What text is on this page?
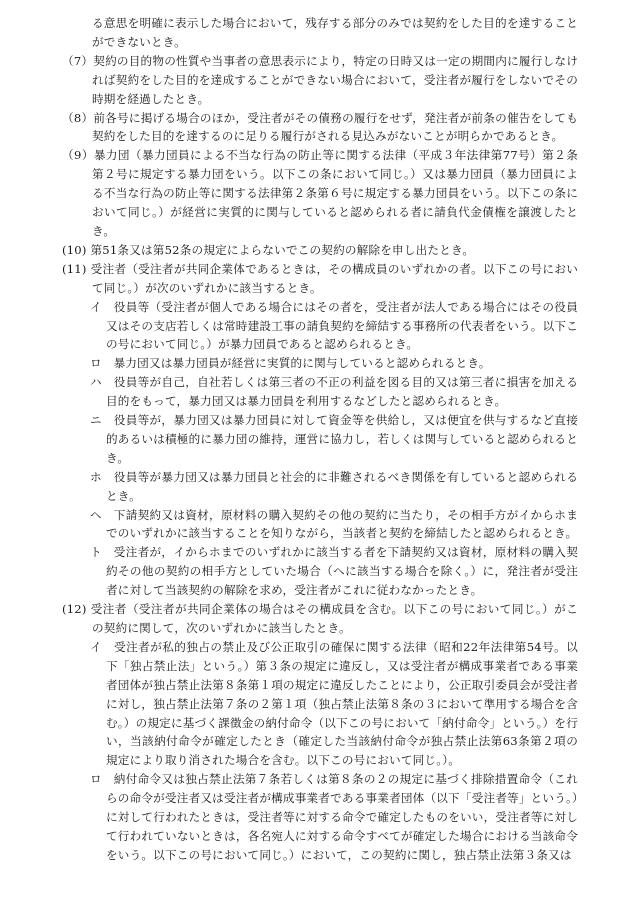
る意思を明確に表示した場合において，残存する部分のみでは契約をした目的を達することができないとき。

（7）契約の目的物の性質や当事者の意思表示により，特定の日時又は一定の期間内に履行しなければ契約をした目的を達成することができない場合において，受注者が履行をしないでその時期を経過したとき。

（8）前各号に掲げる場合のほか，受注者がその債務の履行をせず，発注者が前条の催告をしても契約をした目的を達するのに足りる履行がされる見込みがないことが明らかであるとき。

（9）暴力団（暴力団員による不当な行為の防止等に関する法律（平成３年法律第77号）第２条第２号に規定する暴力団をいう。以下この条において同じ。）又は暴力団員（暴力団員による不当な行為の防止等に関する法律第２条第６号に規定する暴力団員をいう。以下この条において同じ。）が経営に実質的に関与していると認められる者に請負代金債権を譲渡したとき。

(10) 第51条又は第52条の規定によらないでこの契約の解除を申し出たとき。

(11) 受注者（受注者が共同企業体であるときは，その構成員のいずれかの者。以下この号において同じ。）が次のいずれかに該当するとき。

イ　役員等（受注者が個人である場合にはその者を，受注者が法人である場合にはその役員又はその支店若しくは常時建設工事の請負契約を締結する事務所の代表者をいう。以下この号において同じ。）が暴力団員であると認められるとき。

ロ　暴力団又は暴力団員が経営に実質的に関与していると認められるとき。

ハ　役員等が自己，自社若しくは第三者の不正の利益を図る目的又は第三者に損害を加える目的をもって，暴力団又は暴力団員を利用するなどしたと認められるとき。

ニ　役員等が，暴力団又は暴力団員に対して資金等を供給し，又は便宜を供与するなど直接的あるいは積極的に暴力団の維持，運営に協力し，若しくは関与していると認められるとき。

ホ　役員等が暴力団又は暴力団員と社会的に非難されるべき関係を有していると認められるとき。

ヘ　下請契約又は資材，原材料の購入契約その他の契約に当たり，その相手方がイからホまでのいずれかに該当することを知りながら，当該者と契約を締結したと認められるとき。

ト　受注者が，イからホまでのいずれかに該当する者を下請契約又は資材，原材料の購入契約その他の契約の相手方としていた場合（へに該当する場合を除く。）に，発注者が受注者に対して当該契約の解除を求め，受注者がこれに従わなかったとき。

(12) 受注者（受注者が共同企業体の場合はその構成員を含む。以下この号において同じ。）がこの契約に関して，次のいずれかに該当したとき。

イ　受注者が私的独占の禁止及び公正取引の確保に関する法律（昭和22年法律第54号。以下「独占禁止法」という。）第３条の規定に違反し，又は受注者が構成事業者である事業者団体が独占禁止法第８条第１項の規定に違反したことにより，公正取引委員会が受注者に対し，独占禁止法第７条の２第１項（独占禁止法第８条の３において準用する場合を含む。）の規定に基づく課徴金の納付命令（以下この号において「納付命令」という。）を行い，当該納付命令が確定したとき（確定した当該納付命令が独占禁止法第63条第２項の規定により取り消された場合を含む。以下この号において同じ。）。

ロ　納付命令又は独占禁止法第７条若しくは第８条の２の規定に基づく排除措置命令（これらの命令が受注者又は受注者が構成事業者である事業者団体（以下「受注者等」という。）に対して行われたときは，受注者等に対する命令で確定したものをいい，受注者等に対して行われていないときは，各名宛人に対する命令すべてが確定した場合における当該命令をいう。以下この号において同じ。）において，この契約に関し，独占禁止法第３条又は
